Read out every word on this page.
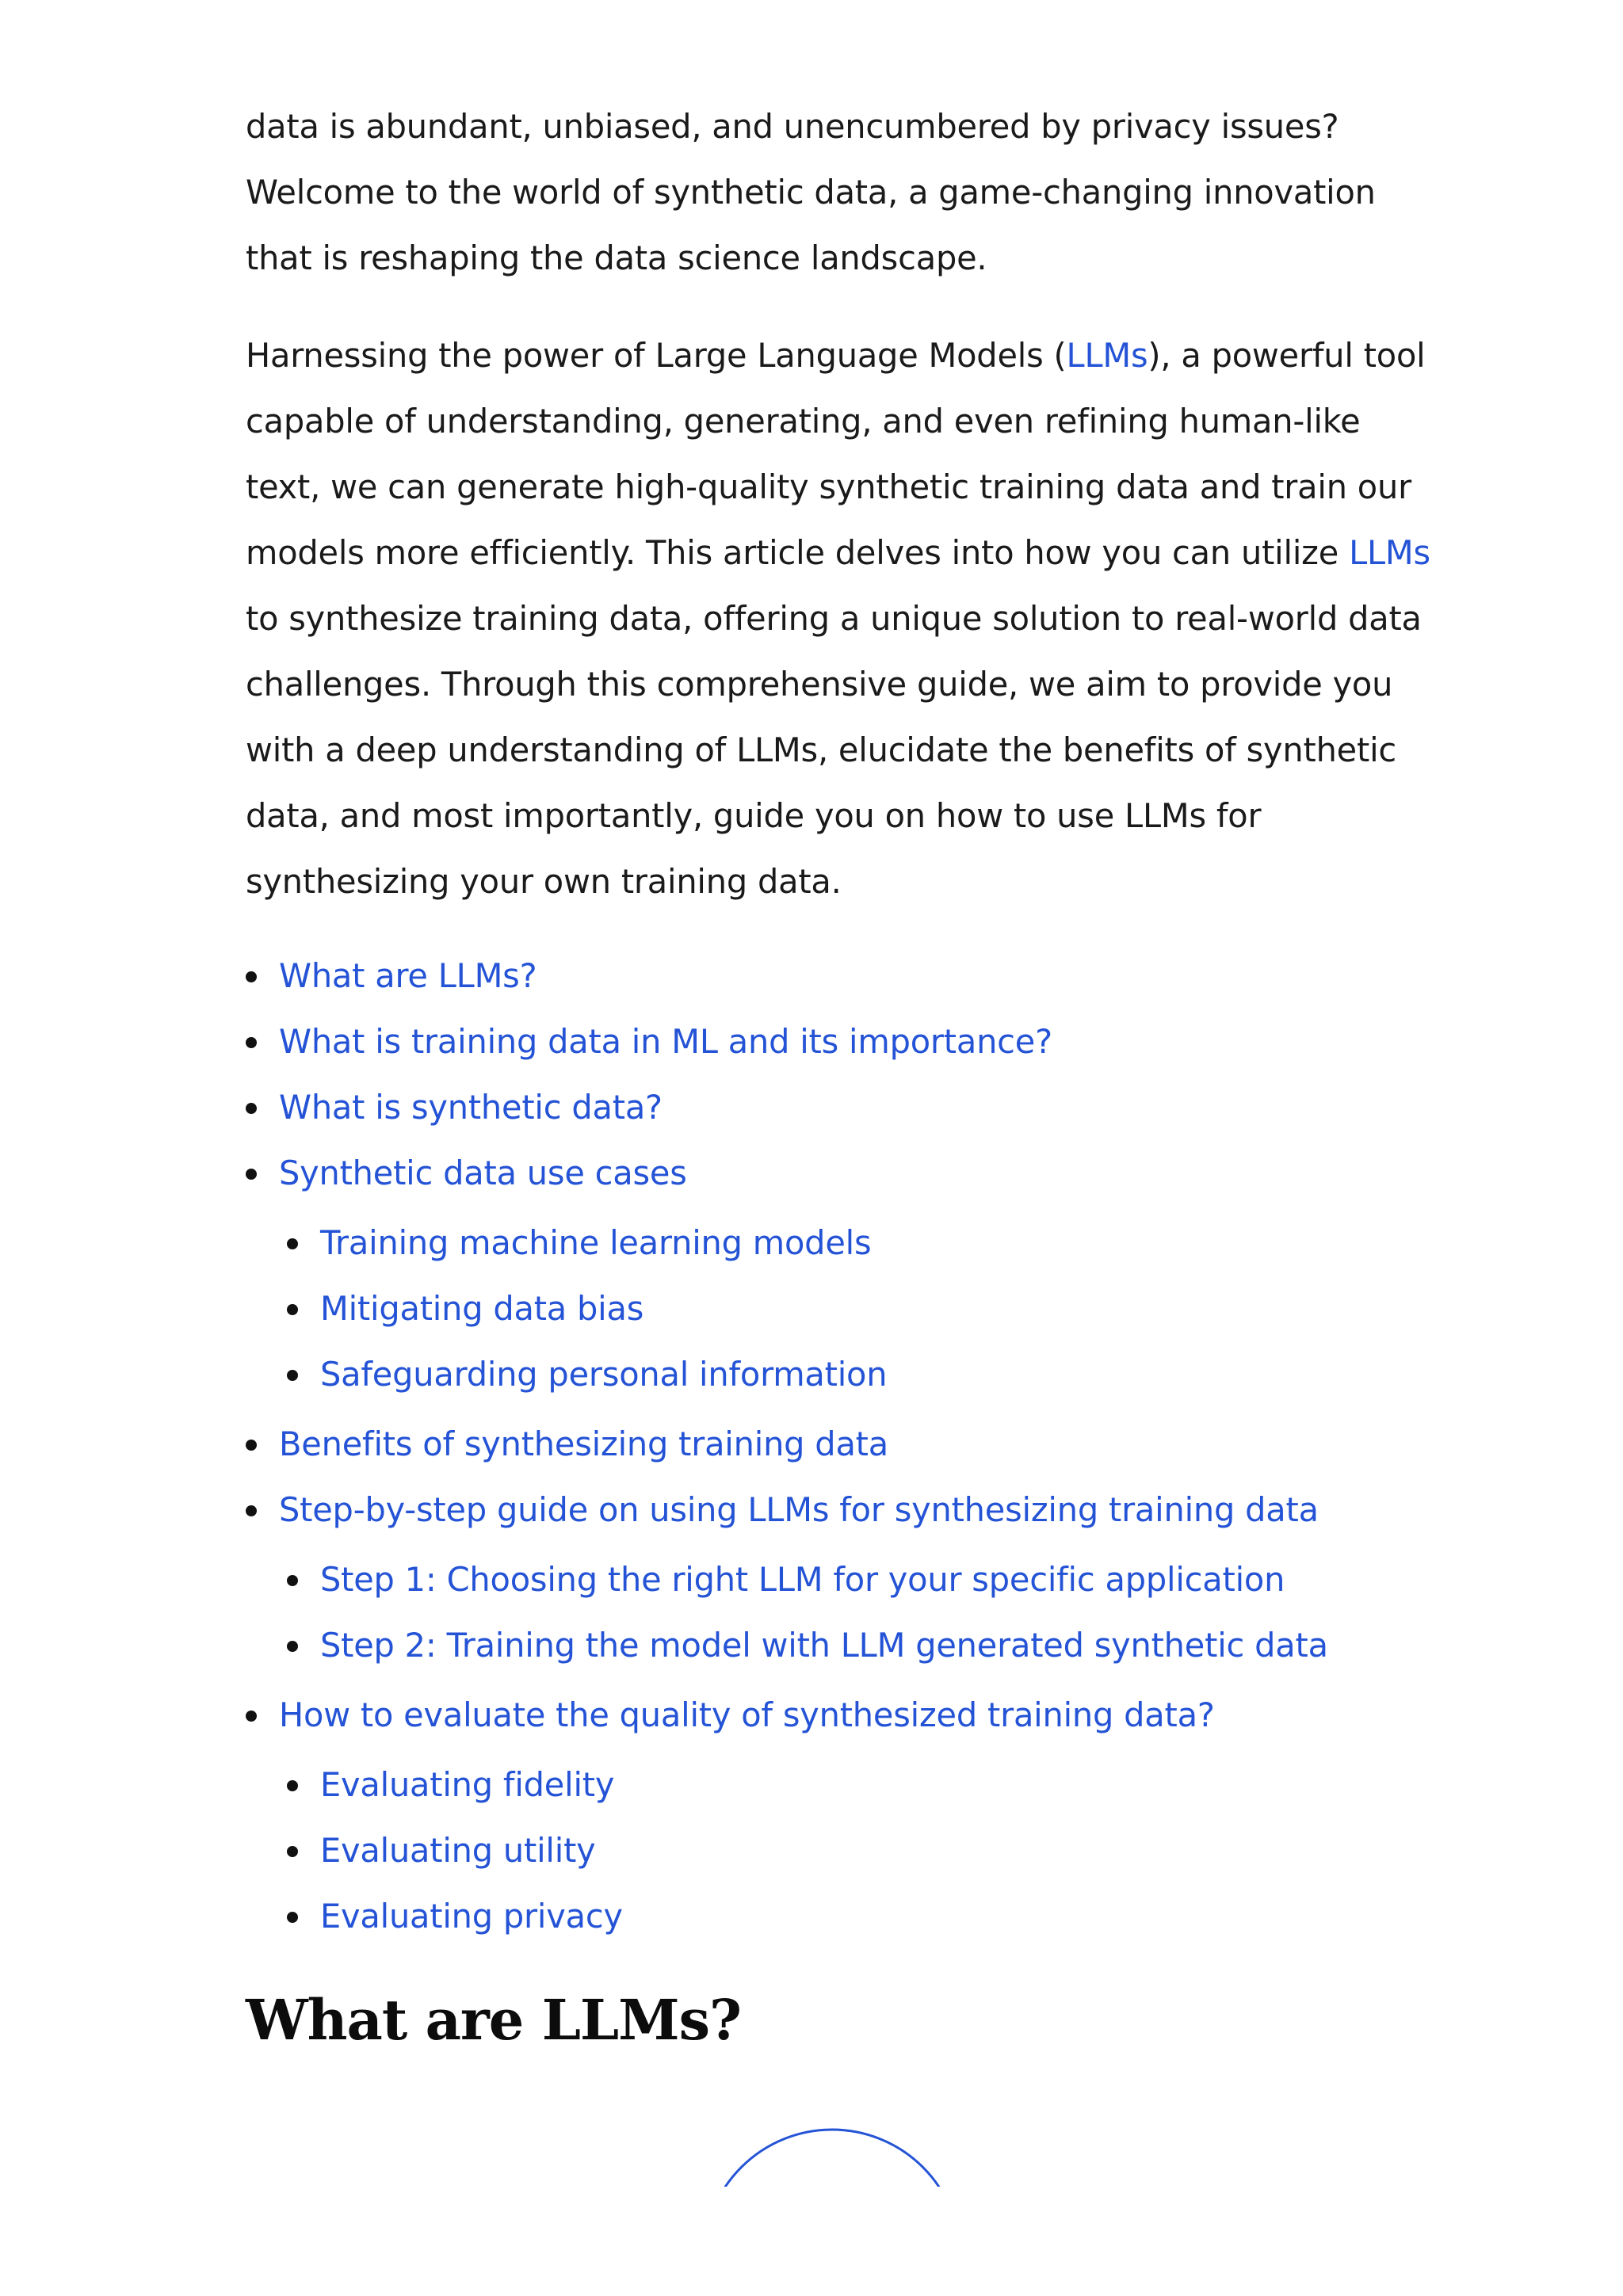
data is abundant, unbiased, and unencumbered by privacy issues? Welcome to the world of synthetic data, a game-changing innovation that is reshaping the data science landscape.

Harnessing the power of Large Language Models (LLMs), a powerful tool capable of understanding, generating, and even refining human-like text, we can generate high-quality synthetic training data and train our models more efficiently. This article delves into how you can utilize LLMs to synthesize training data, offering a unique solution to real-world data challenges. Through this comprehensive guide, we aim to provide you with a deep understanding of LLMs, elucidate the benefits of synthetic data, and most importantly, guide you on how to use LLMs for synthesizing your own training data.

What are LLMs?
What is training data in ML and its importance?
What is synthetic data?
Synthetic data use cases
Training machine learning models
Mitigating data bias
Safeguarding personal information
Benefits of synthesizing training data
Step-by-step guide on using LLMs for synthesizing training data
Step 1: Choosing the right LLM for your specific application
Step 2: Training the model with LLM generated synthetic data
How to evaluate the quality of synthesized training data?
Evaluating fidelity
Evaluating utility
Evaluating privacy
What are LLMs?
